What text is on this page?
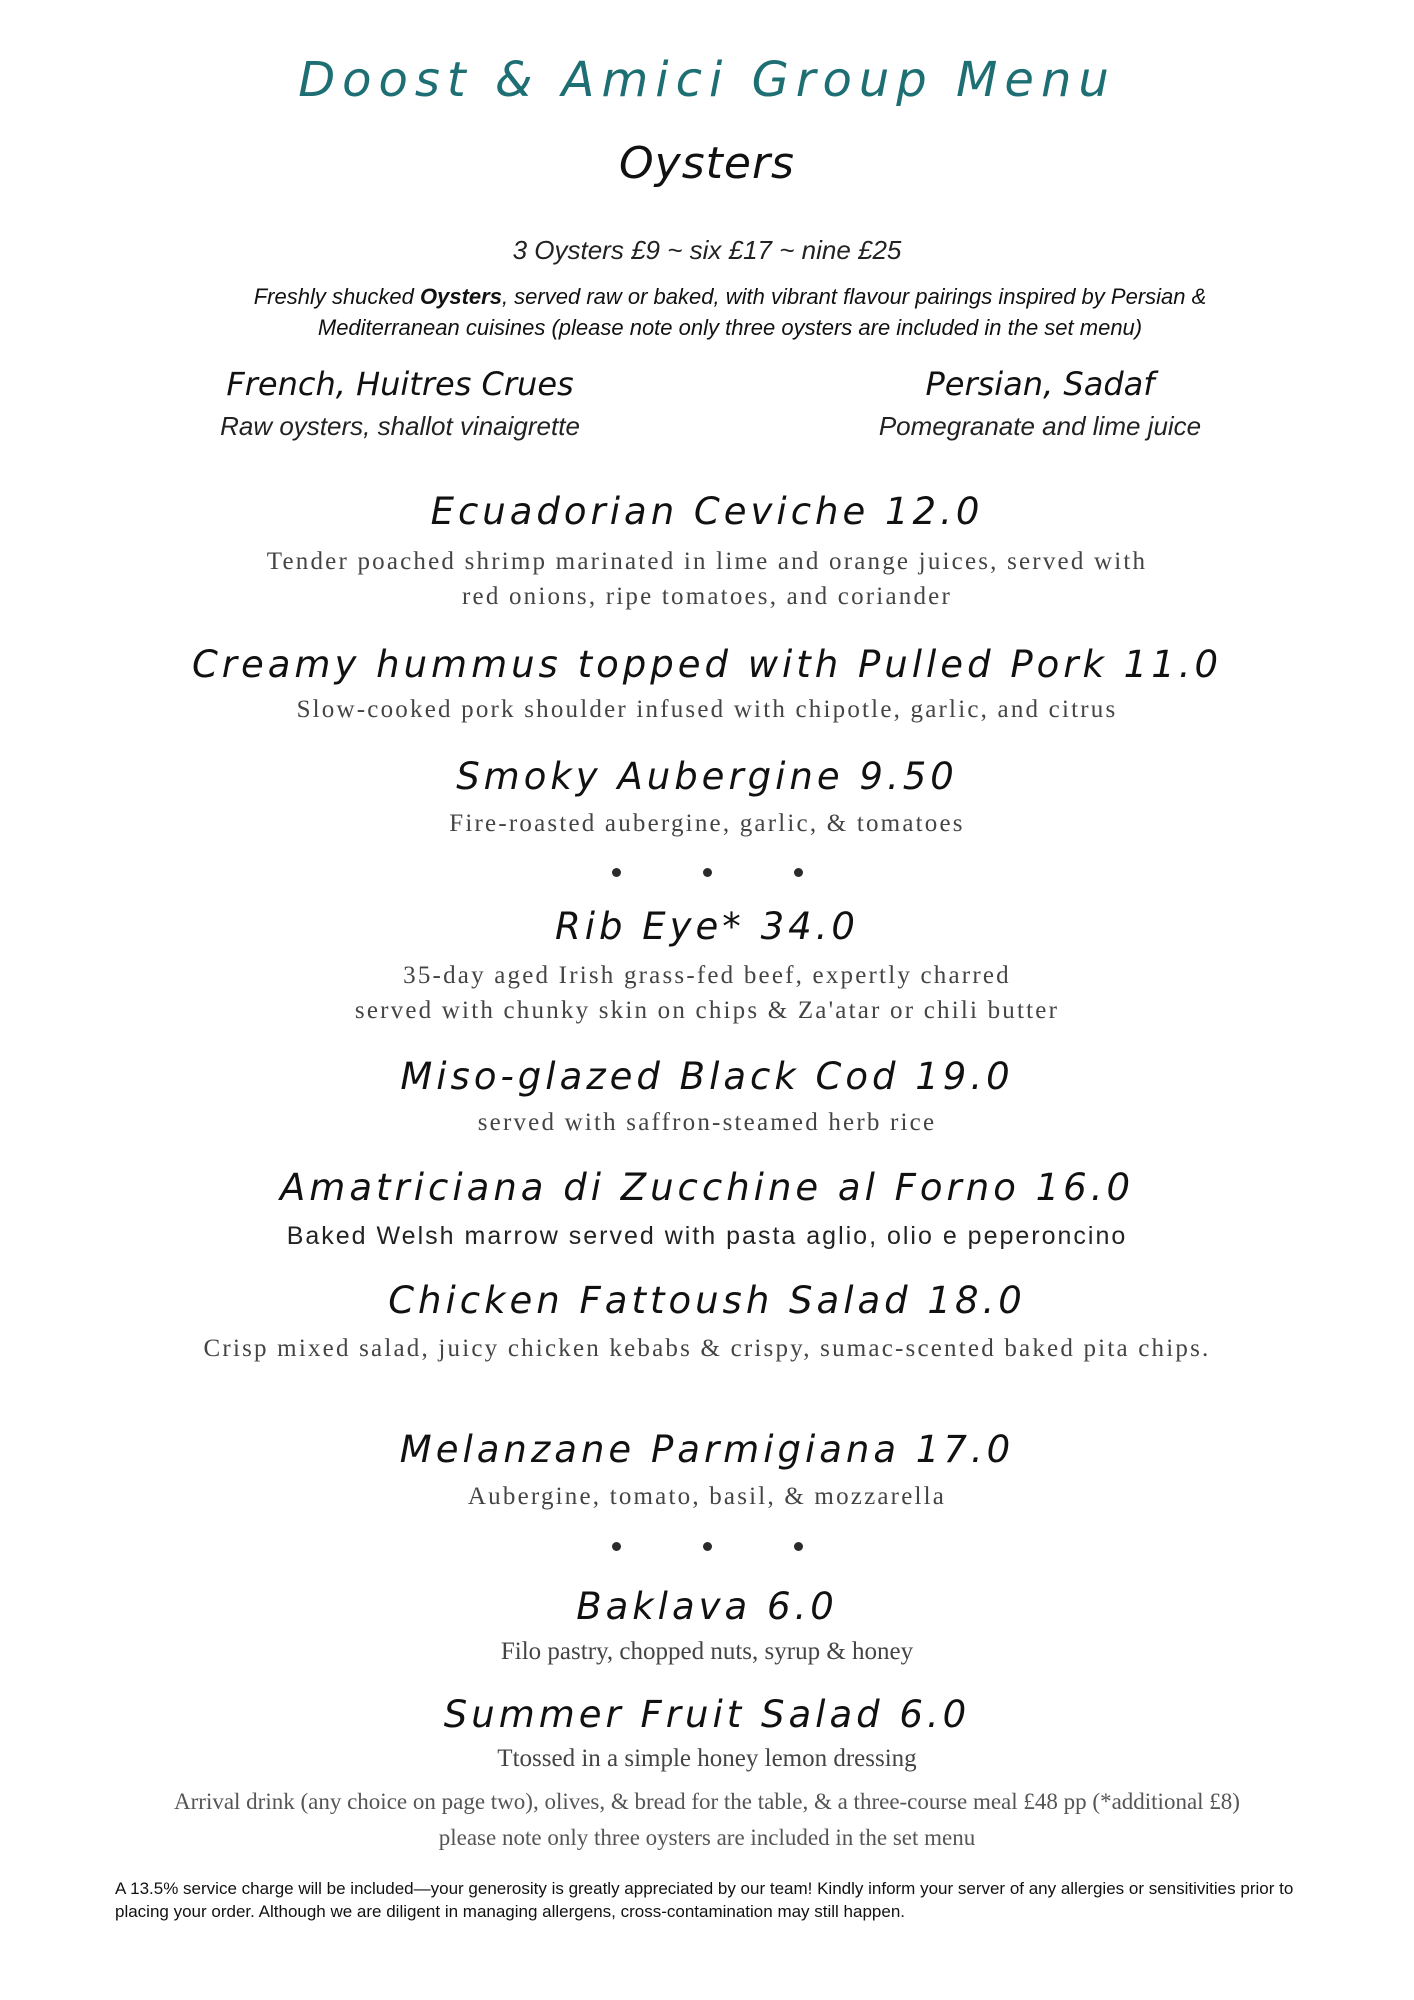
Doost & Amici Group Menu
Oysters
3 Oysters £9 ~ six £17 ~ nine £25
Freshly shucked Oysters, served raw or baked, with vibrant flavour pairings inspired by Persian & Mediterranean cuisines (please note only three oysters are included in the set menu)
French, Huitres Crues
Raw oysters, shallot vinaigrette
Persian, Sadaf
Pomegranate and lime juice
Ecuadorian Ceviche 12.0
Tender poached shrimp marinated in lime and orange juices, served with
red onions, ripe tomatoes, and coriander
Creamy hummus topped with Pulled Pork 11.0
Slow-cooked pork shoulder infused with chipotle, garlic, and citrus
Smoky Aubergine 9.50
Fire-roasted aubergine, garlic, & tomatoes
Rib Eye* 34.0
35-day aged Irish grass-fed beef, expertly charred
served with chunky skin on chips & Za'atar or chili butter
Miso-glazed Black Cod 19.0
served with saffron-steamed herb rice
Amatriciana di Zucchine al Forno 16.0
Baked Welsh marrow served with pasta aglio, olio e peperoncino
Chicken Fattoush Salad 18.0
Crisp mixed salad, juicy chicken kebabs & crispy, sumac-scented baked pita chips.
Melanzane Parmigiana 17.0
Aubergine, tomato, basil, & mozzarella
Baklava 6.0
Filo pastry, chopped nuts, syrup & honey
Summer Fruit Salad 6.0
Ttossed in a simple honey lemon dressing
Arrival drink (any choice on page two), olives, & bread for the table, & a three-course meal £48 pp (*additional £8)
please note only three oysters are included in the set menu
A 13.5% service charge will be included—your generosity is greatly appreciated by our team! Kindly inform your server of any allergies or sensitivities prior to placing your order. Although we are diligent in managing allergens, cross-contamination may still happen.
